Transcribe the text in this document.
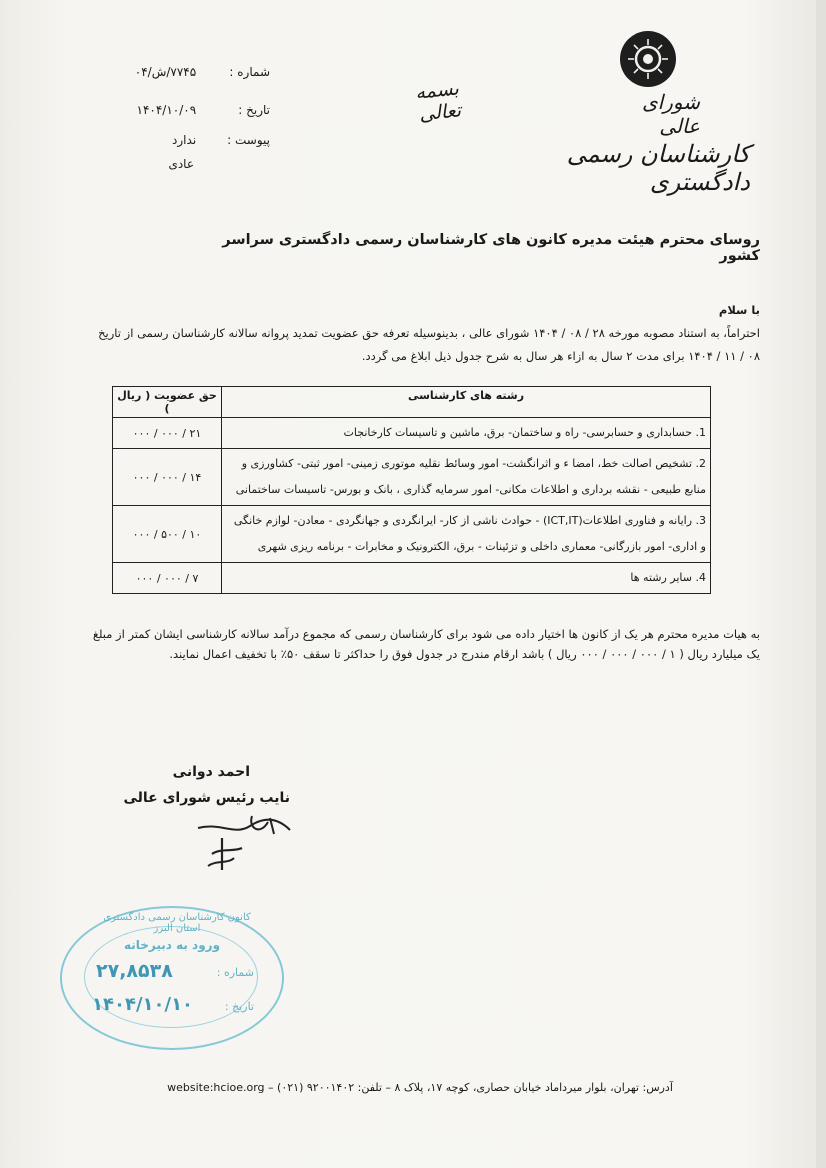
شماره : ۷۷۴۵/ش/۰۴
تاریخ : ۱۴۰۴/۱۰/۰۹
پیوست : ندارد
عادی
بسمه تعالی	شورای عالی
کارشناسان رسمی دادگستری
روسای محترم هیئت مدیره کانون های کارشناسان رسمی دادگستری سراسر کشور
با سلام
احتراماً، به استناد مصوبه مورخه ۲۸ / ۰۸ / ۱۴۰۴ شورای عالی ، بدینوسیله تعرفه حق عضویت تمدید پروانه سالانه کارشناسان رسمی از تاریخ
۰۸ / ۱۱ / ۱۴۰۴ برای مدت ۲ سال به ازاء هر سال به شرح جدول ذیل ابلاغ می گردد.
رشته های کارشناسی	حق عضویت ( ریال )
1. حسابداری و حسابرسی- راه و ساختمان- برق، ماشین و تاسیسات کارخانجات	۲۱ / ۰۰۰ / ۰۰۰
2. تشخیص اصالت خط، امضا ء و اثرانگشت- امور وسائط نقلیه موتوری زمینی- امور ثبتی- کشاورزی و منابع طبیعی - نقشه برداری و اطلاعات مکانی- امور سرمایه گذاری ، بانک و بورس- تاسیسات ساختمانی	۱۴ / ۰۰۰ / ۰۰۰
3. رایانه و فناوری اطلاعات(ICT,IT) - حوادث ناشی از کار- ایرانگردی و جهانگردی - معادن- لوازم خانگی و اداری- امور بازرگانی- معماری داخلی و تزئینات - برق، الکترونیک و مخابرات - برنامه ریزی شهری	۱۰ / ۵۰۰ / ۰۰۰
4. سایر رشته ها	۷ / ۰۰۰ / ۰۰۰
به هیات مدیره محترم هر یک از کانون ها اختیار داده می شود برای کارشناسان رسمی که مجموع درآمد سالانه کارشناسی ایشان کمتر از مبلغ
یک میلیارد ریال ( ۱ / ۰۰۰ / ۰۰۰ / ۰۰۰ ریال ) باشد ارقام مندرج در جدول فوق را حداکثر تا سقف ۵۰٪ با تخفیف اعمال نمایند.
احمد دوانی
نایب رئیس شورای عالی
کانون کارشناسان رسمی دادگستری استان البرز
ورود به دبیرخانه
شماره :
۲۷,۸۵۳۸
تاریخ :
۱۴۰۴/۱۰/۱۰
website:hcioe.org آدرس: تهران، بلوار میرداماد خیابان حصاری، کوچه ۱۷، پلاک ۸ – تلفن: ۹۲۰۰۱۴۰۲ (۰۲۱) –
